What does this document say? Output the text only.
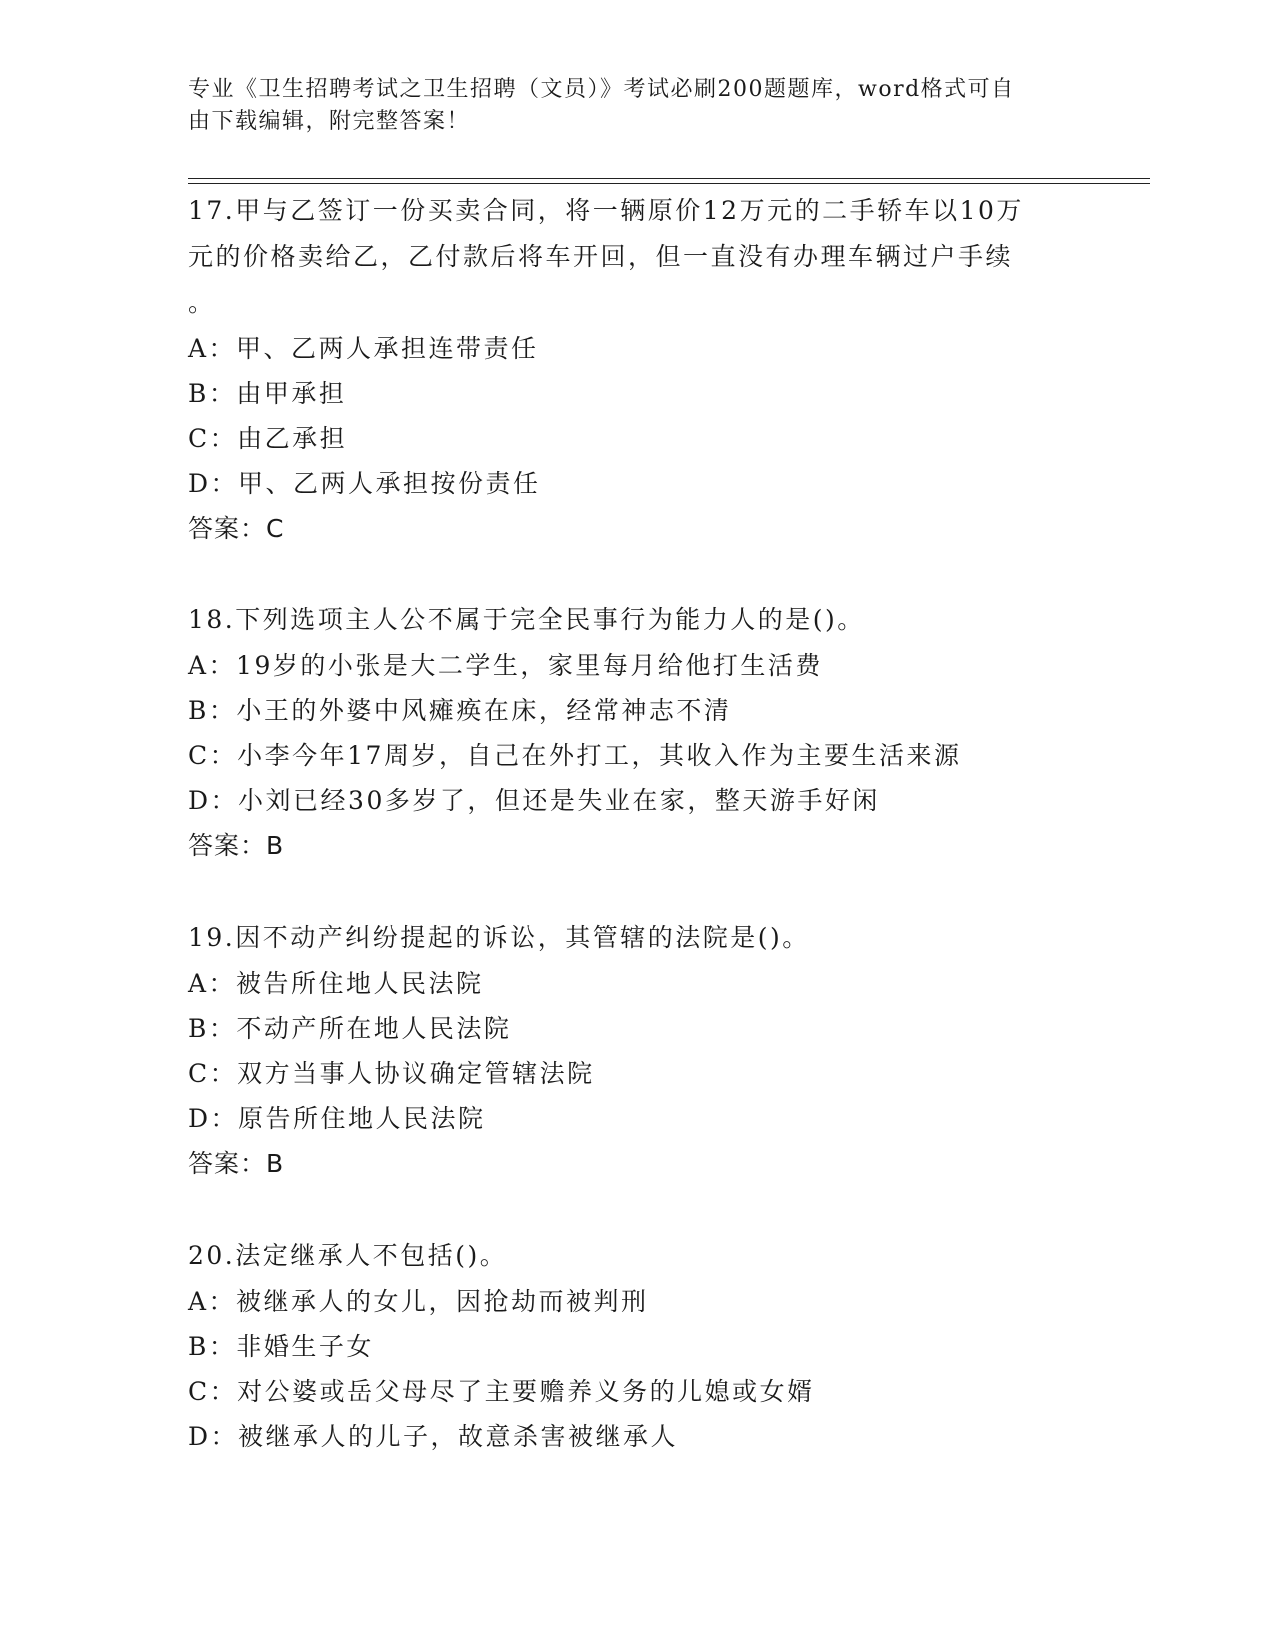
专业《卫生招聘考试之卫生招聘（文员）》考试必刷200题题库，word格式可自
由下载编辑，附完整答案！
17.甲与乙签订一份买卖合同，将一辆原价12万元的二手轿车以10万
元的价格卖给乙，乙付款后将车开回，但一直没有办理车辆过户手续
。
A：甲、乙两人承担连带责任
B：由甲承担
C：由乙承担
D：甲、乙两人承担按份责任
答案：C
18.下列选项主人公不属于完全民事行为能力人的是()。
A：19岁的小张是大二学生，家里每月给他打生活费
B：小王的外婆中风瘫痪在床，经常神志不清
C：小李今年17周岁，自己在外打工，其收入作为主要生活来源
D：小刘已经30多岁了，但还是失业在家，整天游手好闲
答案：B
19.因不动产纠纷提起的诉讼，其管辖的法院是()。
A：被告所住地人民法院
B：不动产所在地人民法院
C：双方当事人协议确定管辖法院
D：原告所住地人民法院
答案：B
20.法定继承人不包括()。
A：被继承人的女儿，因抢劫而被判刑
B：非婚生子女
C：对公婆或岳父母尽了主要赡养义务的儿媳或女婿
D：被继承人的儿子，故意杀害被继承人
